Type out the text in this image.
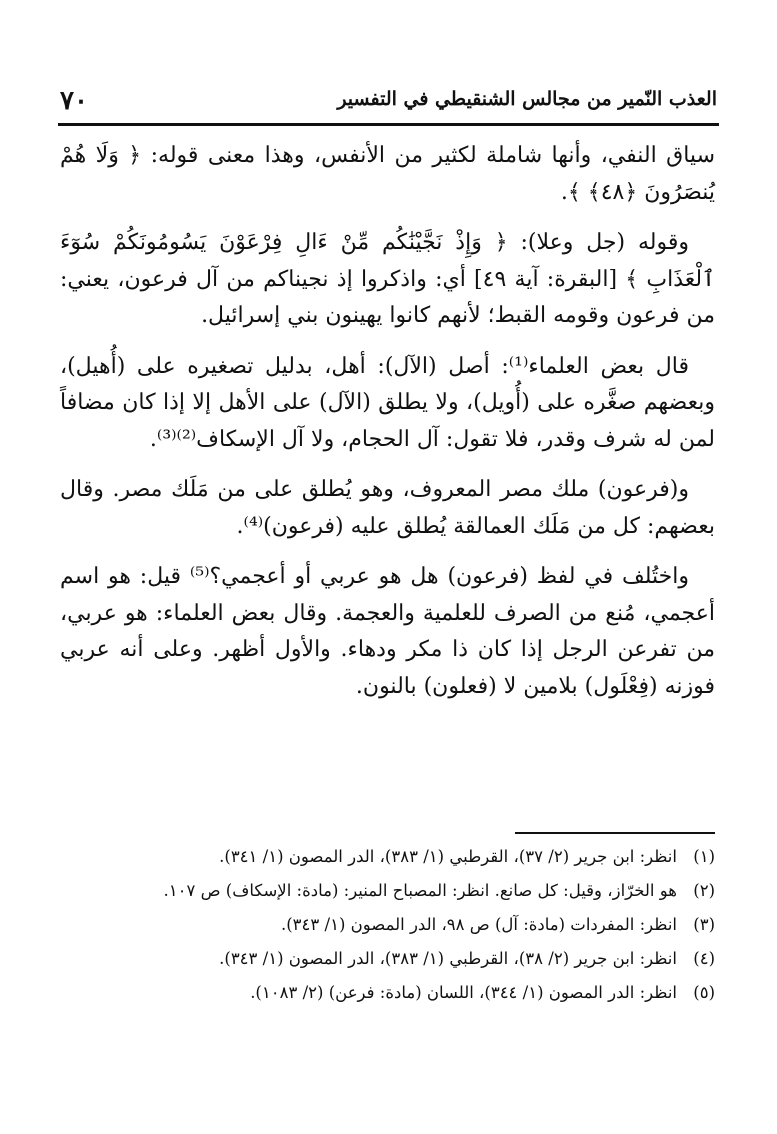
٧٠	العذب النّمير من مجالس الشنقيطي في التفسير

سياق النفي، وأنها شاملة لكثير من الأنفس، وهذا معنى قوله: ﴿ وَلَا هُمْ يُنصَرُونَ ﴿٤٨﴾ ﴾.

وقوله (جل وعلا): ﴿ وَإِذْ نَجَّيْنَٰكُم مِّنْ ءَالِ فِرْعَوْنَ يَسُومُونَكُمْ سُوٓءَ ٱلْعَذَابِ ﴾ [البقرة: آية ٤٩] أي: واذكروا إذ نجيناكم من آل فرعون، يعني: من فرعون وقومه القبط؛ لأنهم كانوا يهينون بني إسرائيل.

قال بعض العلماء⁽¹⁾: أصل (الآل): أهل، بدليل تصغيره على (أُهيل)، وبعضهم صغَّره على (أُويل)، ولا يطلق (الآل) على الأهل إلا إذا كان مضافاً لمن له شرف وقدر، فلا تقول: آل الحجام، ولا آل الإسكاف⁽²⁾⁽³⁾.

و(فرعون) ملك مصر المعروف، وهو يُطلق على من مَلَك مصر. وقال بعضهم: كل من مَلَك العمالقة يُطلق عليه (فرعون)⁽⁴⁾.

واختُلف في لفظ (فرعون) هل هو عربي أو أعجمي؟⁽⁵⁾ قيل: هو اسم أعجمي، مُنع من الصرف للعلمية والعجمة. وقال بعض العلماء: هو عربي، من تفرعن الرجل إذا كان ذا مكر ودهاء. والأول أظهر. وعلى أنه عربي فوزنه (فِعْلَول) بلامين لا (فعلون) بالنون.

(١)
انظر: ابن جرير (٢/ ٣٧)، القرطبي (١/ ٣٨٣)، الدر المصون (١/ ٣٤١).
(٢)
هو الخرّاز، وقيل: كل صانع. انظر: المصباح المنير: (مادة: الإسكاف) ص ١٠٧.
(٣)
انظر: المفردات (مادة: آل) ص ٩٨، الدر المصون (١/ ٣٤٣).
(٤)
انظر: ابن جرير (٢/ ٣٨)، القرطبي (١/ ٣٨٣)، الدر المصون (١/ ٣٤٣).
(٥)
انظر: الدر المصون (١/ ٣٤٤)، اللسان (مادة: فرعن) (٢/ ١٠٨٣).
